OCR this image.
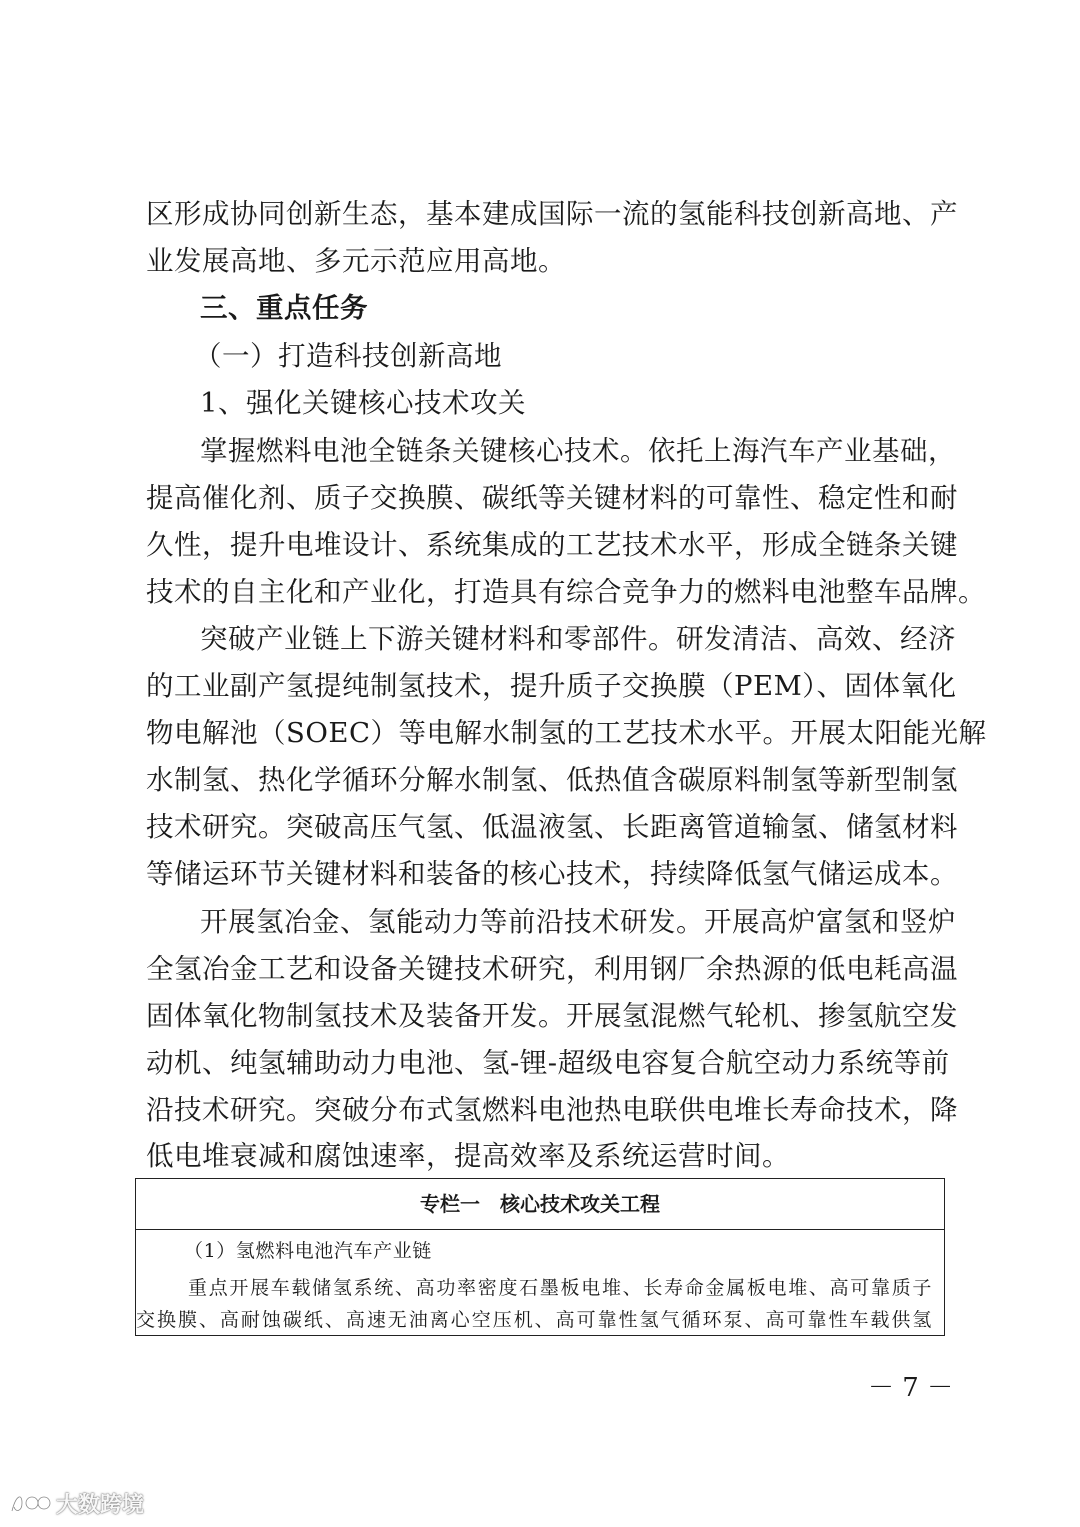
区形成协同创新生态，基本建成国际一流的氢能科技创新高地、产
业发展高地、多元示范应用高地。
三、重点任务
（一）打造科技创新高地
1、强化关键核心技术攻关
掌握燃料电池全链条关键核心技术。依托上海汽车产业基础，
提高催化剂、质子交换膜、碳纸等关键材料的可靠性、稳定性和耐
久性，提升电堆设计、系统集成的工艺技术水平，形成全链条关键
技术的自主化和产业化，打造具有综合竞争力的燃料电池整车品牌。
突破产业链上下游关键材料和零部件。研发清洁、高效、经济
的工业副产氢提纯制氢技术，提升质子交换膜（PEM）、固体氧化
物电解池（SOEC）等电解水制氢的工艺技术水平。开展太阳能光解
水制氢、热化学循环分解水制氢、低热值含碳原料制氢等新型制氢
技术研究。突破高压气氢、低温液氢、长距离管道输氢、储氢材料
等储运环节关键材料和装备的核心技术，持续降低氢气储运成本。
开展氢冶金、氢能动力等前沿技术研发。开展高炉富氢和竖炉
全氢冶金工艺和设备关键技术研究，利用钢厂余热源的低电耗高温
固体氧化物制氢技术及装备开发。开展氢混燃气轮机、掺氢航空发
动机、纯氢辅助动力电池、氢-锂-超级电容复合航空动力系统等前
沿技术研究。突破分布式氢燃料电池热电联供电堆长寿命技术，降
低电堆衰减和腐蚀速率，提高效率及系统运营时间。
专栏一　核心技术攻关工程
（1）氢燃料电池汽车产业链
重点开展车载储氢系统、高功率密度石墨板电堆、长寿命金属板电堆、高可靠质子
交换膜、高耐蚀碳纸、高速无油离心空压机、高可靠性氢气循环泵、高可靠性车载供氢
－ 7 －
大数跨境
